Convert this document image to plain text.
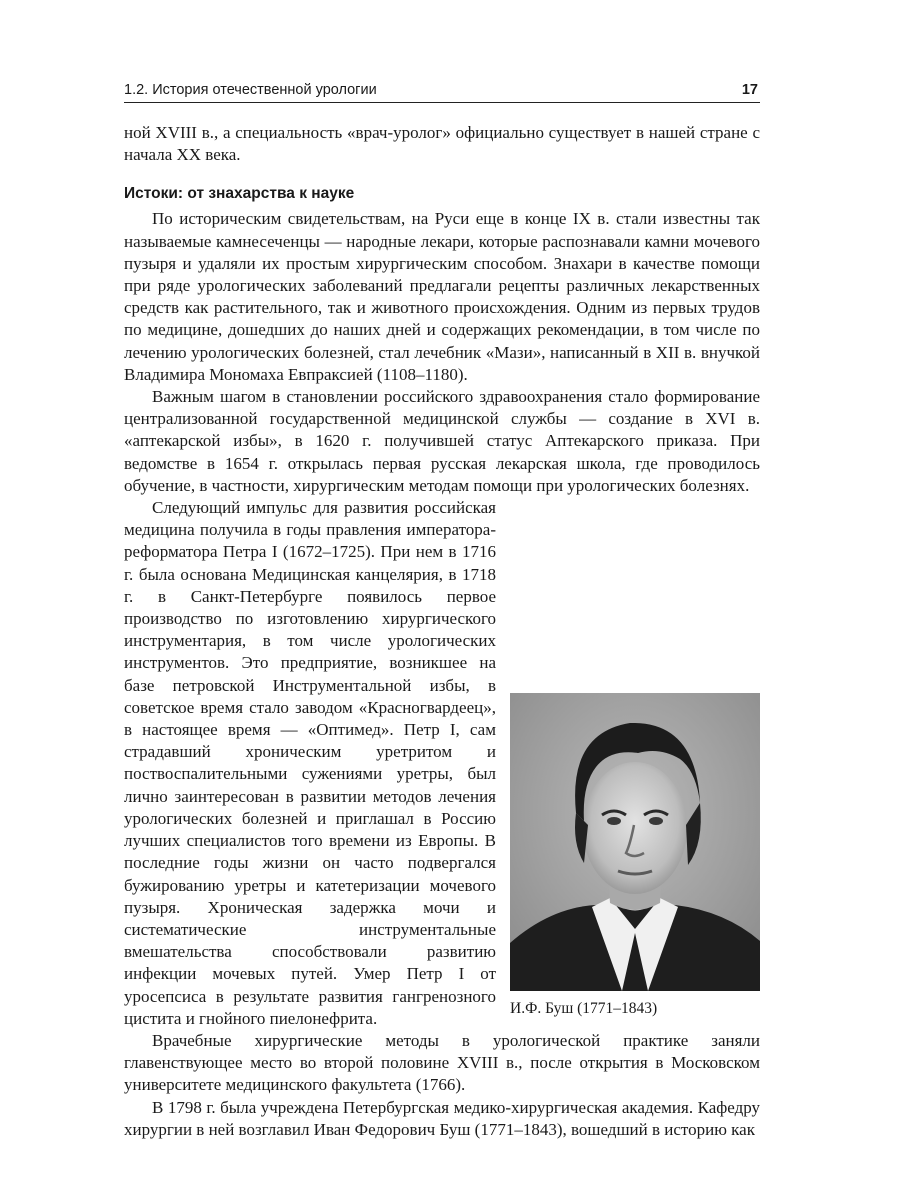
1.2. История отечественной урологии	17

ной XVIII в., а специальность «врач-уролог» официально существует в нашей стране с начала XX века.

Истоки: от знахарства к науке

По историческим свидетельствам, на Руси еще в конце IX в. стали известны так называемые камнесеченцы — народные лекари, которые распознавали камни мочевого пузыря и удаляли их простым хирургическим способом. Знахари в качестве помощи при ряде урологических заболеваний предлагали рецепты различных лекарственных средств как растительного, так и животного происхождения. Одним из первых трудов по медицине, дошедших до наших дней и содержащих рекомендации, в том числе по лечению урологических болезней, стал лечебник «Мази», написанный в XII в. внучкой Владимира Мономаха Евпраксией (1108–1180).

Важным шагом в становлении российского здравоохранения стало формирование централизованной государственной медицинской службы — создание в XVI в. «аптекарской избы», в 1620 г. получившей статус Аптекарского приказа. При ведомстве в 1654 г. открылась первая русская лекарская школа, где проводилось обучение, в частности, хирургическим методам помощи при урологических болезнях.

И.Ф. Буш (1771–1843)

Следующий импульс для развития российская медицина получила в годы правления императора-реформатора Петра I (1672–1725). При нем в 1716 г. была основана Медицинская канцелярия, в 1718 г. в Санкт-Петербурге появилось первое производство по изготовлению хирургического инструментария, в том числе урологических инструментов. Это предприятие, возникшее на базе петровской Инструментальной избы, в советское время стало заводом «Красногвардеец», в настоящее время — «Оптимед». Петр I, сам страдавший хроническим уретритом и поствоспалительными сужениями уретры, был лично заинтересован в развитии методов лечения урологических болезней и приглашал в Россию лучших специалистов того времени из Европы. В последние годы жизни он часто подвергался бужированию уретры и катетеризации мочевого пузыря. Хроническая задержка мочи и систематические инструментальные вмешательства способствовали развитию инфекции мочевых путей. Умер Петр I от уросепсиса в результате развития гангренозного цистита и гнойного пиелонефрита.

Врачебные хирургические методы в урологической практике заняли главенствующее место во второй половине XVIII в., после открытия в Московском университете медицинского факультета (1766).

В 1798 г. была учреждена Петербургская медико-хирургическая академия. Кафедру хирургии в ней возглавил Иван Федорович Буш (1771–1843), вошедший в историю как
